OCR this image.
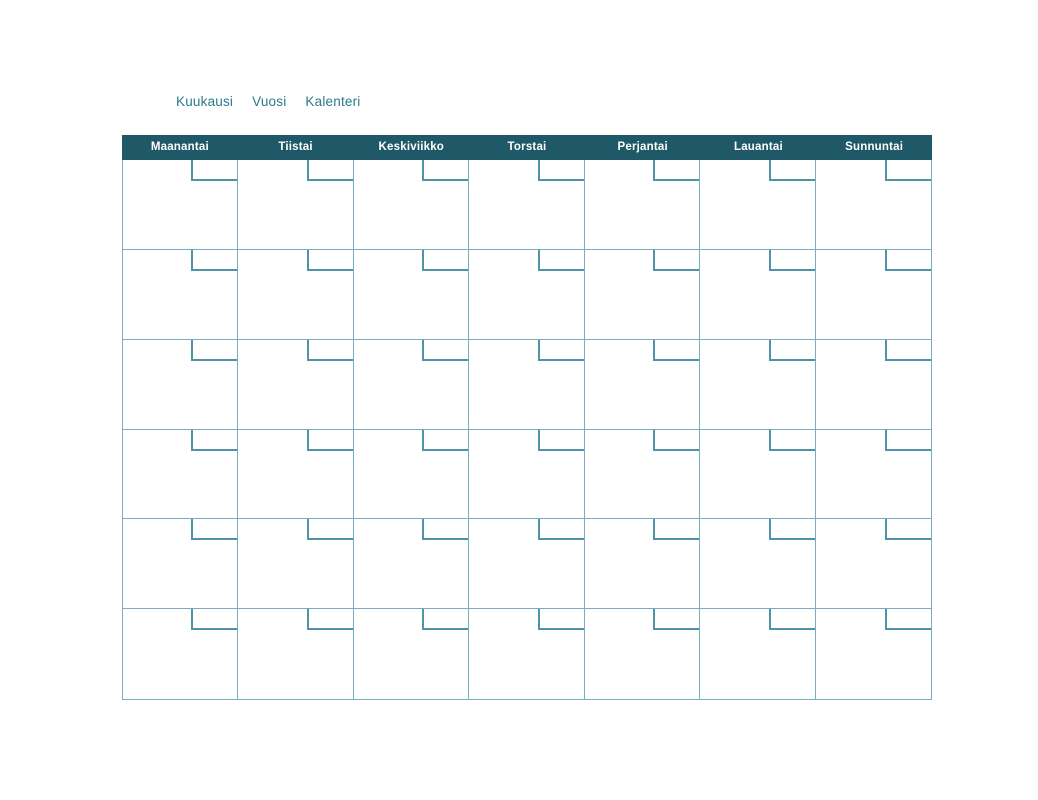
Kuukausi Vuosi Kalenteri
Maanantai	Tiistai	Keskiviikko	Torstai	Perjantai	Lauantai	Sunnuntai
